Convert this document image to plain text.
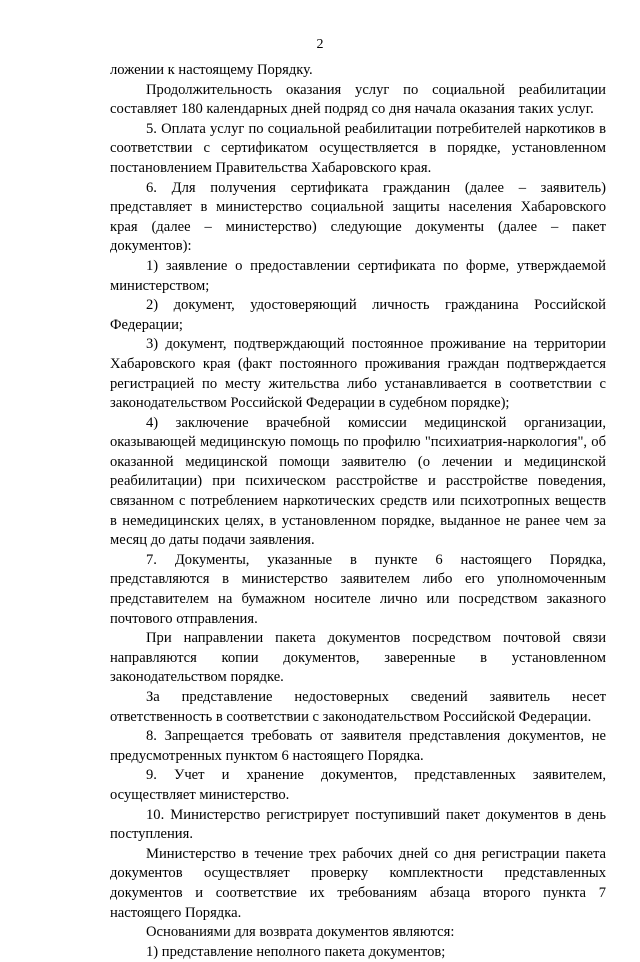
2

ложении к настоящему Порядку.

Продолжительность оказания услуг по социальной реабилитации составляет 180 календарных дней подряд со дня начала оказания таких услуг.

5. Оплата услуг по социальной реабилитации потребителей наркотиков в соответствии с сертификатом осуществляется в порядке, установленном постановлением Правительства Хабаровского края.

6. Для получения сертификата гражданин (далее – заявитель) представляет в министерство социальной защиты населения Хабаровского края (далее – министерство) следующие документы (далее – пакет документов):

1) заявление о предоставлении сертификата по форме, утверждаемой министерством;

2) документ, удостоверяющий личность гражданина Российской Федерации;

3) документ, подтверждающий постоянное проживание на территории Хабаровского края (факт постоянного проживания граждан подтверждается регистрацией по месту жительства либо устанавливается в соответствии с законодательством Российской Федерации в судебном порядке);

4) заключение врачебной комиссии медицинской организации, оказывающей медицинскую помощь по профилю "психиатрия-наркология", об оказанной медицинской помощи заявителю (о лечении и медицинской реабилитации) при психическом расстройстве и расстройстве поведения, связанном с потреблением наркотических средств или психотропных веществ в немедицинских целях, в установленном порядке, выданное не ранее чем за месяц до даты подачи заявления.

7. Документы, указанные в пункте 6 настоящего Порядка, представляются в министерство заявителем либо его уполномоченным представителем на бумажном носителе лично или посредством заказного почтового отправления.

При направлении пакета документов посредством почтовой связи направляются копии документов, заверенные в установленном законодательством порядке.

За представление недостоверных сведений заявитель несет ответственность в соответствии с законодательством Российской Федерации.

8. Запрещается требовать от заявителя представления документов, не предусмотренных пунктом 6 настоящего Порядка.

9. Учет и хранение документов, представленных заявителем, осуществляет министерство.

10. Министерство регистрирует поступивший пакет документов в день поступления.

Министерство в течение трех рабочих дней со дня регистрации пакета документов осуществляет проверку комплектности представленных документов и соответствие их требованиям абзаца второго пункта 7 настоящего Порядка.

Основаниями для возврата документов являются:

1) представление неполного пакета документов;
